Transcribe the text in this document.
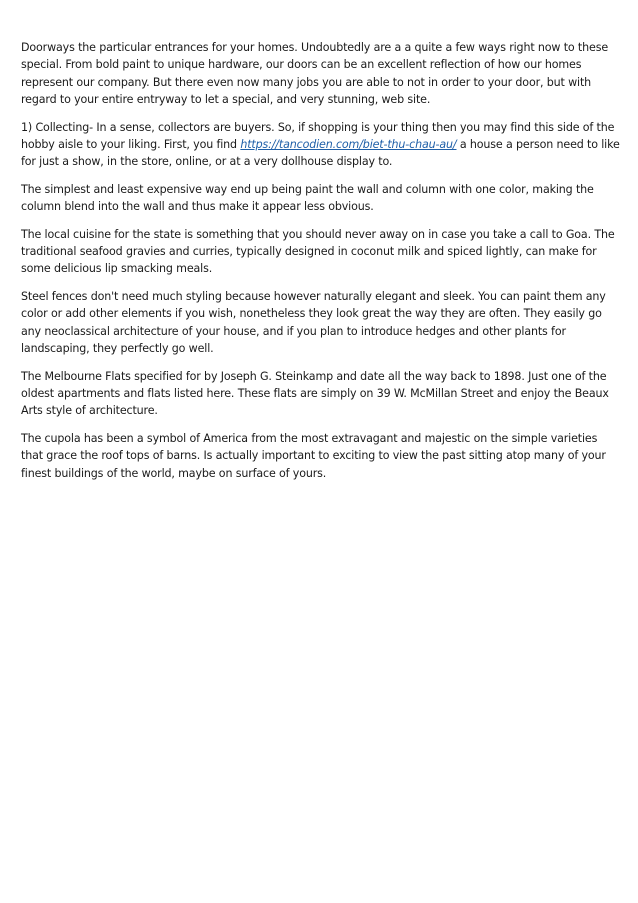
Doorways the particular entrances for your homes. Undoubtedly are a a quite a few ways right now to these special. From bold paint to unique hardware, our doors can be an excellent reflection of how our homes represent our company. But there even now many jobs you are able to not in order to your door, but with regard to your entire entryway to let a special, and very stunning, web site.

1) Collecting- In a sense, collectors are buyers. So, if shopping is your thing then you may find this side of the hobby aisle to your liking. First, you find https://tancodien.com/biet-thu-chau-au/ a house a person need to like for just a show, in the store, online, or at a very dollhouse display to.

The simplest and least expensive way end up being paint the wall and column with one color, making the column blend into the wall and thus make it appear less obvious.

The local cuisine for the state is something that you should never away on in case you take a call to Goa. The traditional seafood gravies and curries, typically designed in coconut milk and spiced lightly, can make for some delicious lip smacking meals.

Steel fences don't need much styling because however naturally elegant and sleek. You can paint them any color or add other elements if you wish, nonetheless they look great the way they are often. They easily go any neoclassical architecture of your house, and if you plan to introduce hedges and other plants for landscaping, they perfectly go well.

The Melbourne Flats specified for by Joseph G. Steinkamp and date all the way back to 1898. Just one of the oldest apartments and flats listed here. These flats are simply on 39 W. McMillan Street and enjoy the Beaux Arts style of architecture.

The cupola has been a symbol of America from the most extravagant and majestic on the simple varieties that grace the roof tops of barns. Is actually important to exciting to view the past sitting atop many of your finest buildings of the world, maybe on surface of yours.
